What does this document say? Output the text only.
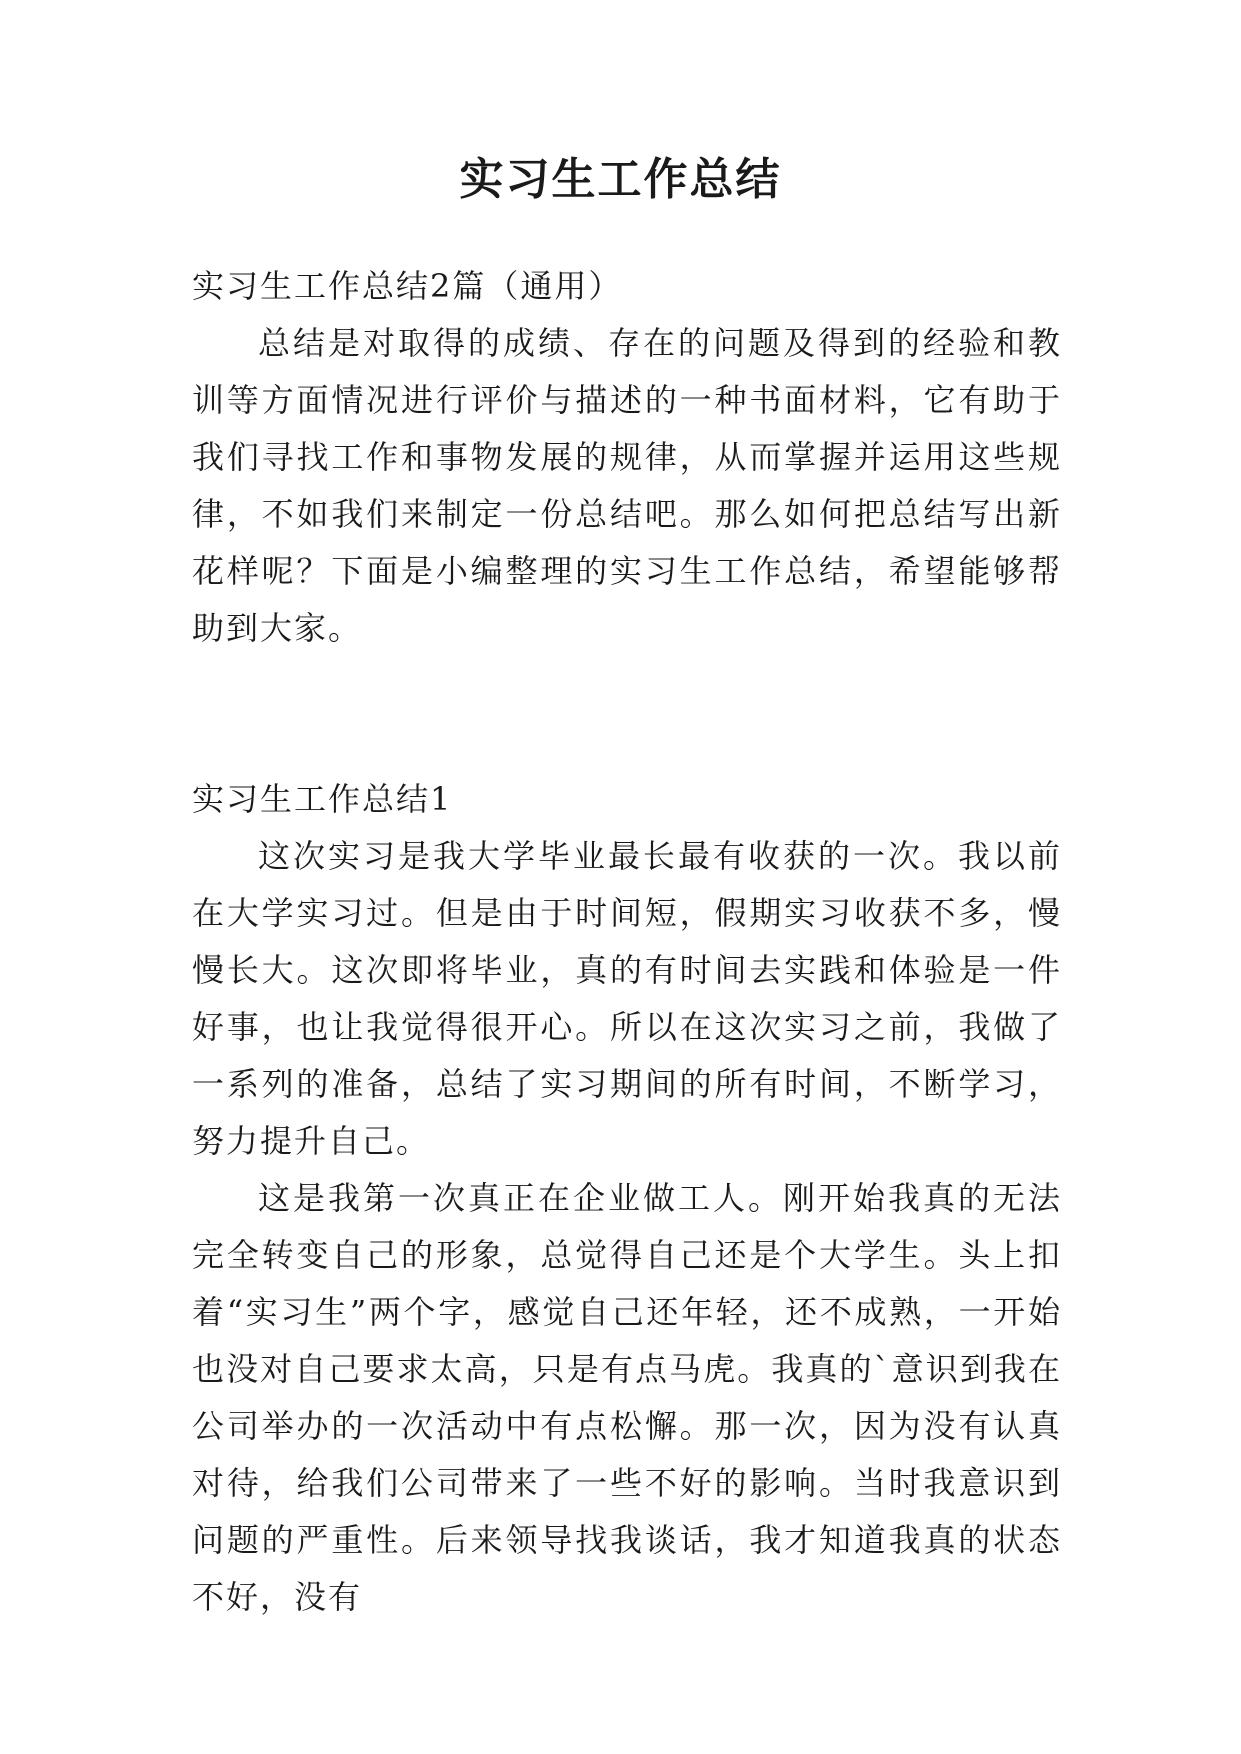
实习生工作总结

实习生工作总结2篇（通用）

总结是对取得的成绩、存在的问题及得到的经验和教训等方面情况进行评价与描述的一种书面材料，它有助于我们寻找工作和事物发展的规律，从而掌握并运用这些规律，不如我们来制定一份总结吧。那么如何把总结写出新花样呢？下面是小编整理的实习生工作总结，希望能够帮助到大家。

实习生工作总结1

这次实习是我大学毕业最长最有收获的一次。我以前在大学实习过。但是由于时间短，假期实习收获不多，慢慢长大。这次即将毕业，真的有时间去实践和体验是一件好事，也让我觉得很开心。所以在这次实习之前，我做了一系列的准备，总结了实习期间的所有时间，不断学习，努力提升自己。

这是我第一次真正在企业做工人。刚开始我真的无法完全转变自己的形象，总觉得自己还是个大学生。头上扣着“实习生”两个字，感觉自己还年轻，还不成熟，一开始也没对自己要求太高，只是有点马虎。我真的`意识到我在公司举办的一次活动中有点松懈。那一次，因为没有认真对待，给我们公司带来了一些不好的影响。当时我意识到问题的严重性。后来领导找我谈话，我才知道我真的状态不好，没有
